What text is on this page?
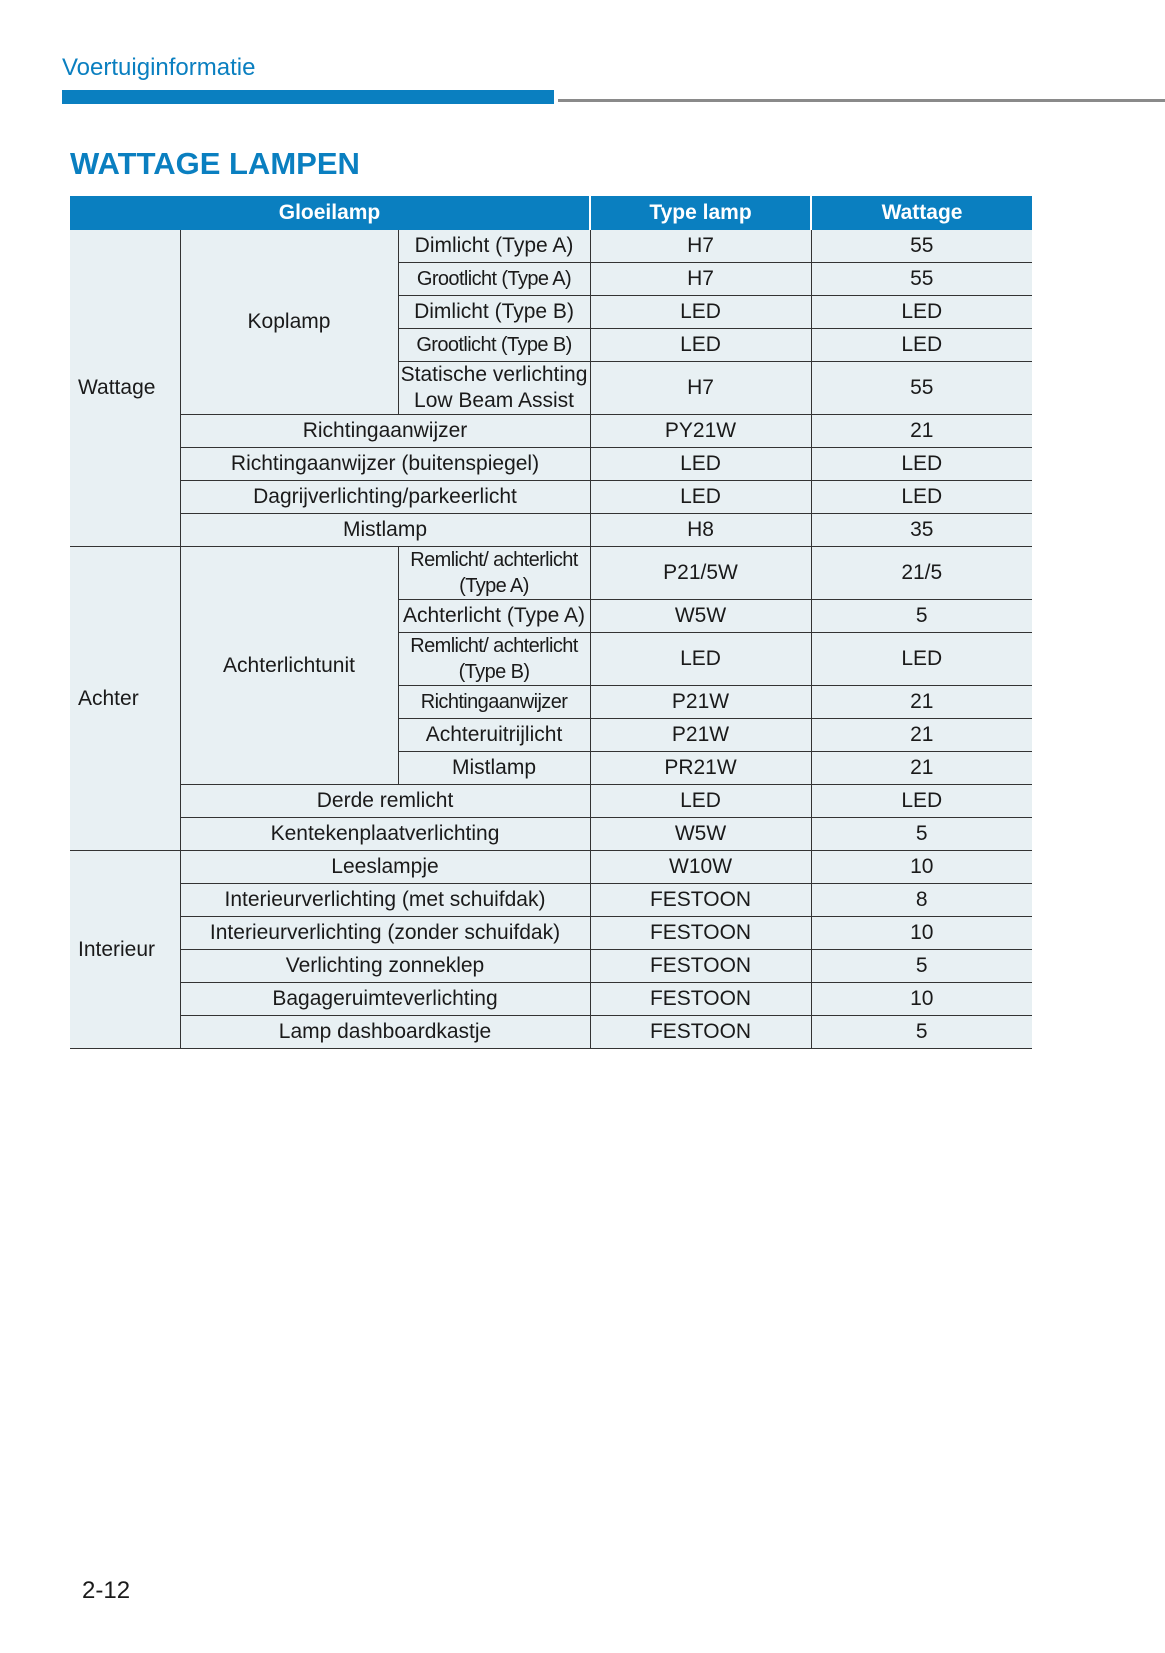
Voertuiginformatie
WATTAGE LAMPEN
Gloeilamp			Type lamp	Wattage
Wattage	Koplamp	Dimlicht (Type A)	H7	55
		Grootlicht (Type A)	H7	55
		Dimlicht (Type B)	LED	LED
		Grootlicht (Type B)	LED	LED
		Statische verlichting Low Beam Assist	H7	55
	Richtingaanwijzer		PY21W	21
	Richtingaanwijzer (buitenspiegel)		LED	LED
	Dagrijverlichting/parkeerlicht		LED	LED
	Mistlamp		H8	35
Achter	Achterlichtunit	Remlicht/ achterlicht (Type A)	P21/5W	21/5
		Achterlicht (Type A)	W5W	5
		Remlicht/ achterlicht (Type B)	LED	LED
		Richtingaanwijzer	P21W	21
		Achteruitrijlicht	P21W	21
		Mistlamp	PR21W	21
	Derde remlicht		LED	LED
	Kentekenplaatverlichting		W5W	5
Interieur	Leeslampje		W10W	10
	Interieurverlichting (met schuifdak)		FESTOON	8
	Interieurverlichting (zonder schuifdak)		FESTOON	10
	Verlichting zonneklep		FESTOON	5
	Bagageruimteverlichting		FESTOON	10
	Lamp dashboardkastje		FESTOON	5
2-12
